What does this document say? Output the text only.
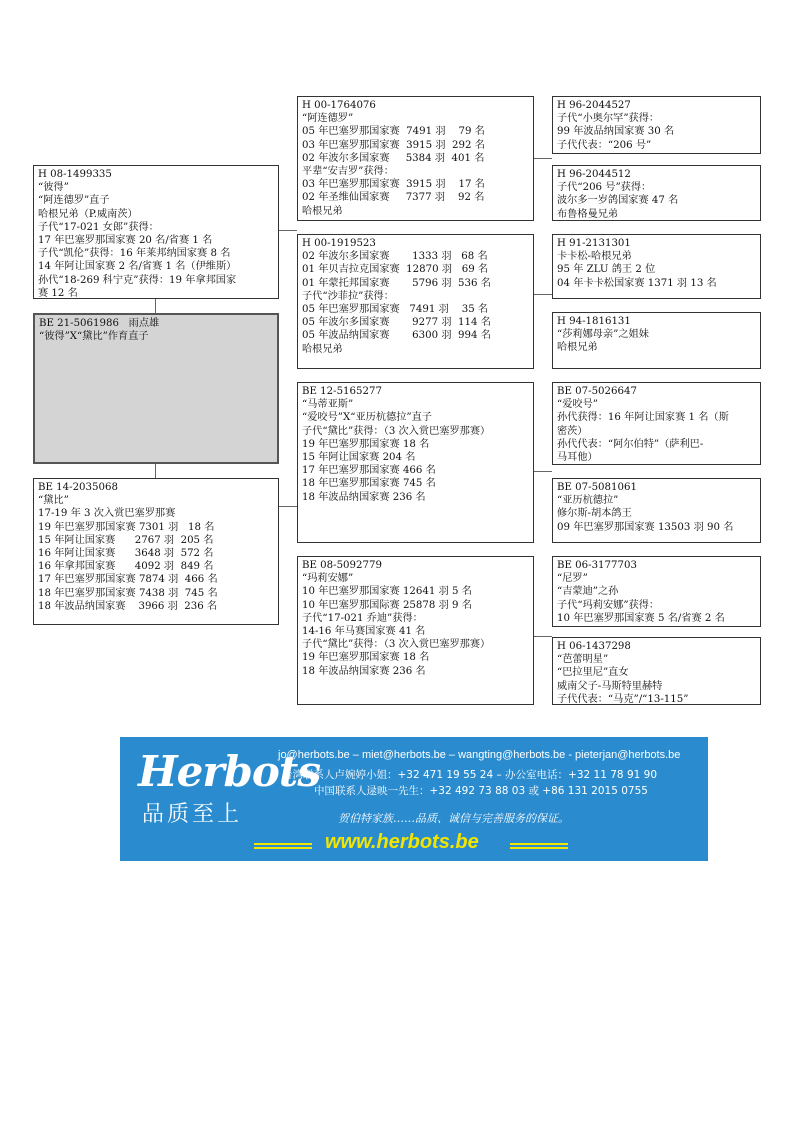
H 08-1499335
“彼得”
“阿连德罗”直子
哈根兄弟（P.威南茨）
子代“17-021 女郎”获得：
17 年巴塞罗那国家赛 20 名/省赛 1 名
子代“凯伦”获得：16 年莱邦纳国家赛 8 名
14 年阿让国家赛 2 名/省赛 1 名（伊维斯）
孙代“18-269 科宁克”获得：19 年拿邦国家
赛 12 名
BE 21-5061986   雨点雄
“彼得”X“黛比”作育直子
BE 14-2035068
“黛比”
17-19 年 3 次入赏巴塞罗那赛
19 年巴塞罗那国家赛 7301 羽   18 名
15 年阿让国家赛      2767 羽  205 名
16 年阿让国家赛      3648 羽  572 名
16 年拿邦国家赛      4092 羽  849 名
17 年巴塞罗那国家赛 7874 羽  466 名
18 年巴塞罗那国家赛 7438 羽  745 名
18 年波品纳国家赛    3966 羽  236 名
H 00-1764076
“阿连德罗”
05 年巴塞罗那国家赛  7491 羽    79 名
03 年巴塞罗那国家赛  3915 羽  292 名
02 年波尔多国家赛     5384 羽  401 名
平辈“安吉罗”获得：
03 年巴塞罗那国家赛  3915 羽    17 名
02 年圣维仙国家赛     7377 羽    92 名
哈根兄弟
H 00-1919523
02 年波尔多国家赛       1333 羽   68 名
01 年贝吉拉克国家赛  12870 羽   69 名
01 年蒙托邦国家赛       5796 羽  536 名
子代“沙菲拉”获得：
05 年巴塞罗那国家赛   7491 羽    35 名
05 年波尔多国家赛       9277 羽  114 名
05 年波品纳国家赛       6300 羽  994 名
哈根兄弟
BE 12-5165277
“马蒂亚斯”
“爱咬号”X“亚历杭德拉”直子
子代“黛比”获得：（3 次入赏巴塞罗那赛）
19 年巴塞罗那国家赛 18 名
15 年阿让国家赛 204 名
17 年巴塞罗那国家赛 466 名
18 年巴塞罗那国家赛 745 名
18 年波品纳国家赛 236 名
BE 08-5092779
“玛莉安娜”
10 年巴塞罗那国家赛 12641 羽 5 名
10 年巴塞罗那国际赛 25878 羽 9 名
子代“17-021 乔迪”获得：
14-16 年马赛国家赛 41 名
子代“黛比”获得：（3 次入赏巴塞罗那赛）
19 年巴塞罗那国家赛 18 名
18 年波品纳国家赛 236 名
H 96-2044527
子代“小奥尔罕”获得：
99 年波品纳国家赛 30 名
子代代表：“206 号”
H 96-2044512
子代“206 号”获得：
波尔多一岁鸽国家赛 47 名
布鲁格曼兄弟
H 91-2131301
卡卡松-哈根兄弟
95 年 ZLU 鸽王 2 位
04 年卡卡松国家赛 1371 羽 13 名
H 94-1816131
“莎莉娜母亲”之姐妹
哈根兄弟
BE 07-5026647
“爱咬号”
孙代获得：16 年阿让国家赛 1 名（斯
密茨）
孙代代表：“阿尔伯特”（萨利巴-
马耳他）
BE 07-5081061
“亚历杭德拉”
修尔斯-胡本鸽王
09 年巴塞罗那国家赛 13503 羽 90 名
BE 06-3177703
“尼罗”
“吉蒙迪”之孙
子代“玛莉安娜”获得：
10 年巴塞罗那国家赛 5 名/省赛 2 名
H 06-1437298
“芭蕾明星”
“巴拉里尼”直女
威南父子-马斯特里赫特
子代代表：“马克”/“13-115”
Herbots
jo@herbots.be – miet@herbots.be – wangting@herbots.be - pieterjan@herbots.be
台湾联系人卢婉婷小姐：+32 471 19 55 24 – 办公室电话：+32 11 78 91 90
中国联系人逯映一先生：+32 492 73 88 03 或 +86 131 2015 0755
品质至上	贺伯特家族……品质、诚信与完善服务的保证。
www.herbots.be
